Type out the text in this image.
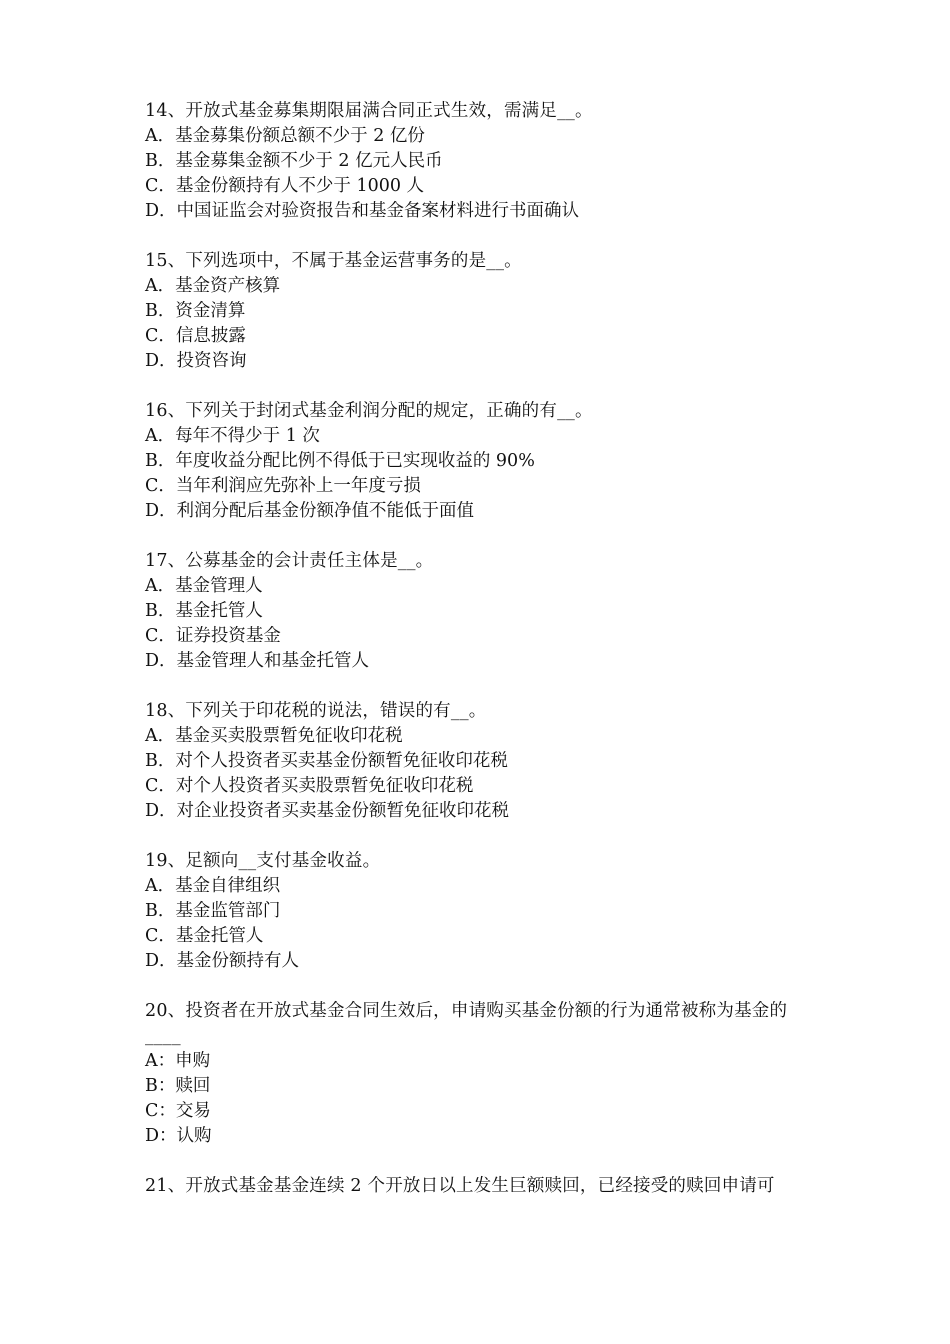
14、开放式基金募集期限届满合同正式生效，需满足__。

A．基金募集份额总额不少于 2 亿份

B．基金募集金额不少于 2 亿元人民币

C．基金份额持有人不少于 1000 人

D．中国证监会对验资报告和基金备案材料进行书面确认

15、下列选项中，不属于基金运营事务的是__。

A．基金资产核算

B．资金清算

C．信息披露

D．投资咨询

16、下列关于封闭式基金利润分配的规定，正确的有__。

A．每年不得少于 1 次

B．年度收益分配比例不得低于已实现收益的 90%

C．当年利润应先弥补上一年度亏损

D．利润分配后基金份额净值不能低于面值

17、公募基金的会计责任主体是__。

A．基金管理人

B．基金托管人

C．证券投资基金

D．基金管理人和基金托管人

18、下列关于印花税的说法，错误的有__。

A．基金买卖股票暂免征收印花税

B．对个人投资者买卖基金份额暂免征收印花税

C．对个人投资者买卖股票暂免征收印花税

D．对企业投资者买卖基金份额暂免征收印花税

19、足额向__支付基金收益。

A．基金自律组织

B．基金监管部门

C．基金托管人

D．基金份额持有人

20、投资者在开放式基金合同生效后，申请购买基金份额的行为通常被称为基金的____

A：申购

B：赎回

C：交易

D：认购

21、开放式基金基金连续 2 个开放日以上发生巨额赎回，已经接受的赎回申请可
